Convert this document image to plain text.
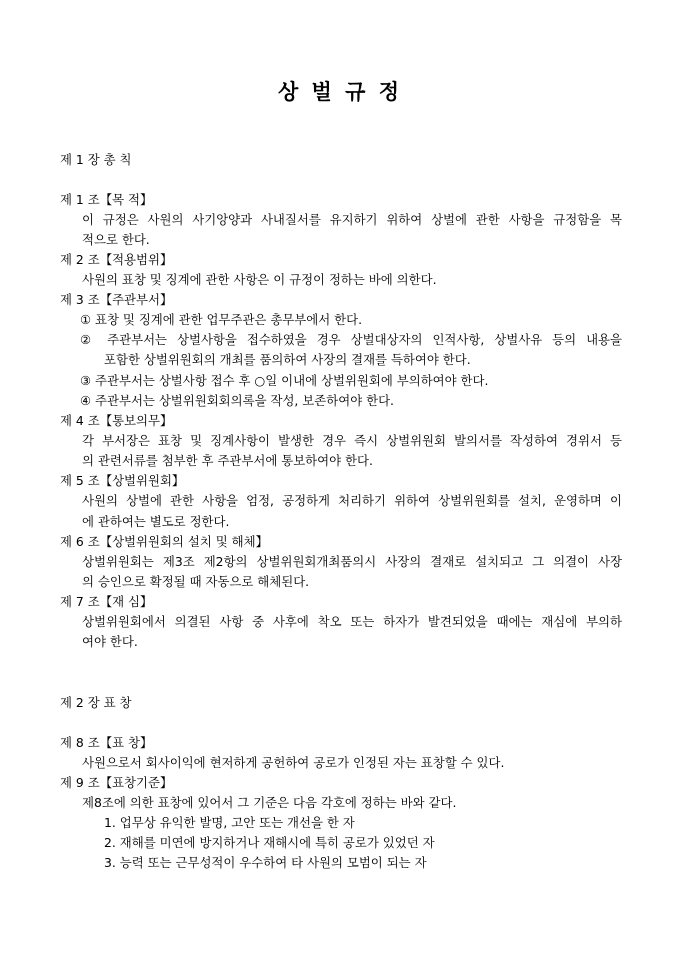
상 벌 규 정
제 1 장 총 칙
제 1 조【목 적】
이 규정은 사원의 사기앙양과 사내질서를 유지하기 위하여 상벌에 관한 사항을 규정함을 목
적으로 한다.
제 2 조【적용범위】
사원의 표창 및 징계에 관한 사항은 이 규정이 정하는 바에 의한다.
제 3 조【주관부서】
① 표창 및 징계에 관한 업무주관은 총무부에서 한다.
② 주관부서는 상벌사항을 접수하였을 경우 상벌대상자의 인적사항, 상벌사유 등의 내용을
포함한 상벌위원회의 개최를 품의하여 사장의 결재를 득하여야 한다.
③ 주관부서는 상벌사항 접수 후 ○일 이내에 상벌위원회에 부의하여야 한다.
④ 주관부서는 상벌위원회회의록을 작성, 보존하여야 한다.
제 4 조【통보의무】
각 부서장은 표창 및 징계사항이 발생한 경우 즉시 상벌위원회 발의서를 작성하여 경위서 등
의 관련서류를 첨부한 후 주관부서에 통보하여야 한다.
제 5 조【상벌위원회】
사원의 상벌에 관한 사항을 엄정, 공정하게 처리하기 위하여 상벌위원회를 설치, 운영하며 이
에 관하여는 별도로 정한다.
제 6 조【상벌위원회의 설치 및 해체】
상벌위원회는 제3조 제2항의 상벌위원회개최품의시 사장의 결재로 설치되고 그 의결이 사장
의 승인으로 확정될 때 자동으로 해체된다.
제 7 조【재 심】
상벌위원회에서 의결된 사항 중 사후에 착오 또는 하자가 발견되었을 때에는 재심에 부의하
여야 한다.
제 2 장 표 창
제 8 조【표 창】
사원으로서 회사이익에 현저하게 공헌하여 공로가 인정된 자는 표창할 수 있다.
제 9 조【표창기준】
제8조에 의한 표창에 있어서 그 기준은 다음 각호에 정하는 바와 같다.
1. 업무상 유익한 발명, 고안 또는 개선을 한 자
2. 재해를 미연에 방지하거나 재해시에 특히 공로가 있었던 자
3. 능력 또는 근무성적이 우수하여 타 사원의 모범이 되는 자
